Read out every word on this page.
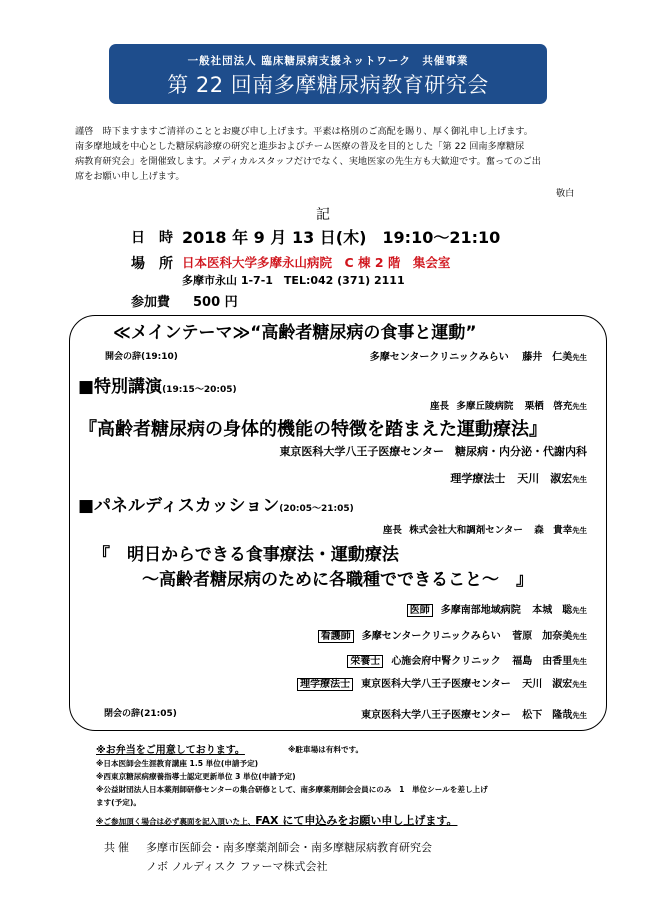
一般社団法人 臨床糖尿病支援ネットワーク　共催事業
第 22 回南多摩糖尿病教育研究会
謹啓　時下ますますご清祥のこととお慶び申し上げます。平素は格別のご高配を賜り、厚く御礼申し上げます。
南多摩地域を中心とした糖尿病診療の研究と進歩およびチーム医療の普及を目的とした「第 22 回南多摩糖尿
病教育研究会」を開催致します。メディカルスタッフだけでなく、実地医家の先生方も大歓迎です。奮ってのご出
席をお願い申し上げます。
敬白
記
日　時 2018 年 9 月 13 日(木)　19:10〜21:10
場　所 日本医科大学多摩永山病院　C 棟 2 階　集会室
多摩市永山 1-7-1　TEL:042 (371) 2111
参加費 500 円
≪メインテーマ≫“高齢者糖尿病の食事と運動”
開会の辞(19:10)	多摩センタークリニックみらい 藤井　仁美先生
■特別講演(19:15〜20:05)
座長 多摩丘陵病院 栗栖　啓充先生
『高齢者糖尿病の身体的機能の特徴を踏まえた運動療法』
東京医科大学八王子医療センター　糖尿病・内分泌・代謝内科
理学療法士 天川　淑宏先生
■パネルディスカッション(20:05〜21:05)
座長 株式会社大和調剤センター 森　貴幸先生
『　明日からできる食事療法・運動療法
〜高齢者糖尿病のために各職種でできること〜　』
医師 多摩南部地域病院 本城　聡先生
看護師 多摩センタークリニックみらい 菅原　加奈美先生
栄養士 心施会府中腎クリニック 福島　由香里先生
理学療法士 東京医科大学八王子医療センター 天川　淑宏先生
閉会の辞(21:05)	東京医科大学八王子医療センター 松下　隆哉先生
※お弁当をご用意しております。	※駐車場は有料です。
※日本医師会生涯教育講座 1.5 単位(申請予定)
※西東京糖尿病療養指導士認定更新単位 3 単位(申請予定)
※公益財団法人日本薬剤師研修センターの集合研修として、南多摩薬剤師会会員にのみ　1　単位シールを差し上げ
ます(予定)。
※ご参加頂く場合は必ず裏面を記入頂いた上、FAX にて申込みをお願い申し上げます。
共催 多摩市医師会・南多摩薬剤師会・南多摩糖尿病教育研究会
ノボ ノルディスク ファーマ株式会社
